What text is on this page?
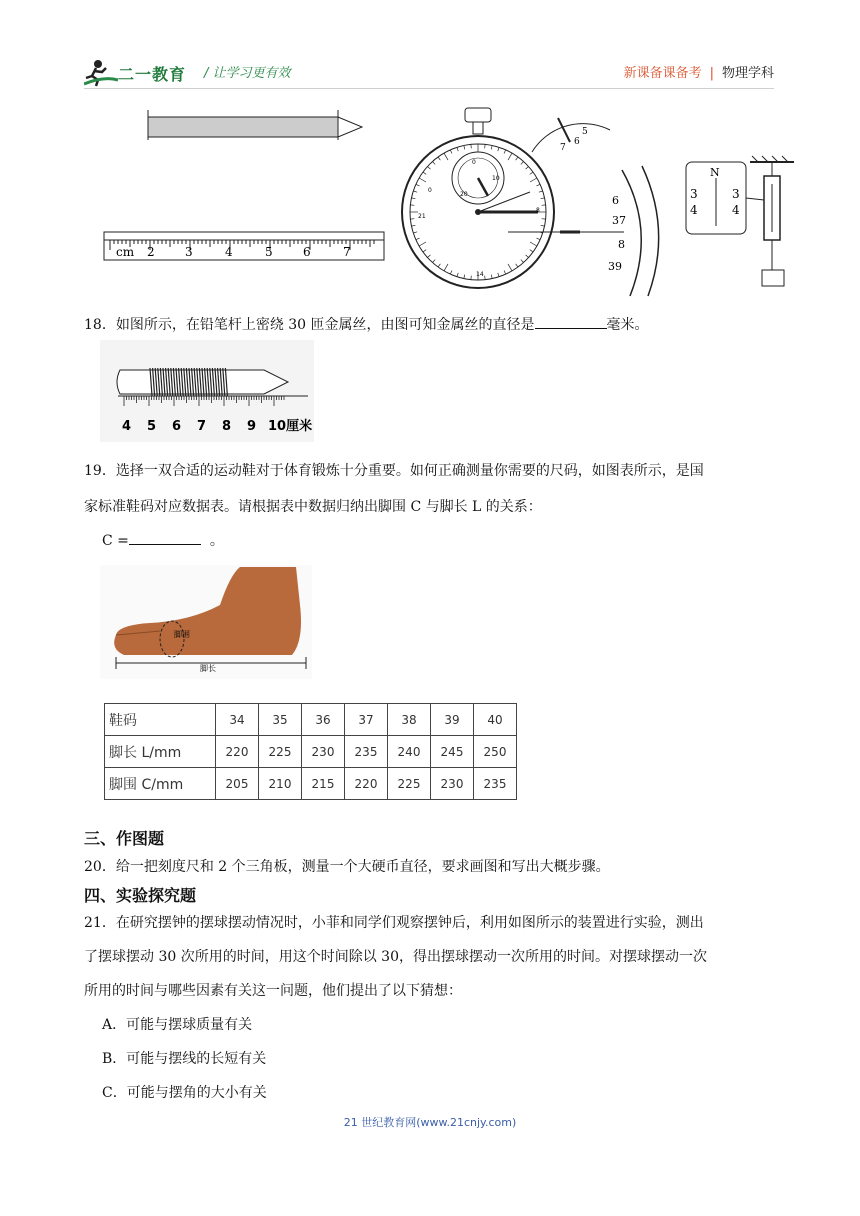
二一教育 / 让学习更有效	新课备课备考 | 物理学科
cm 2	3	4	5	6	7
0
10
20
0
8
14
21
5
6
7
6
37
8
39
N
3
4
3
4
18．如图所示，在铅笔杆上密绕 30 匝金属丝，由图可知金属丝的直径是	毫米。
4 5 6 7 8 9 10厘米
19．选择一双合适的运动鞋对于体育锻炼十分重要。如何正确测量你需要的尺码，如图表所示，是国
家标准鞋码对应数据表。请根据表中数据归纳出脚围 C 与脚长 L 的关系：
C =	。
脚围
脚长
鞋码	34	35	36	37	38	39	40
脚长 L/mm	220	225	230	235	240	245	250
脚围 C/mm	205	210	215	220	225	230	235
三、作图题
20．给一把刻度尺和 2 个三角板，测量一个大硬币直径，要求画图和写出大概步骤。
四、实验探究题
21．在研究摆钟的摆球摆动情况时，小菲和同学们观察摆钟后，利用如图所示的装置进行实验，测出
了摆球摆动 30 次所用的时间，用这个时间除以 30，得出摆球摆动一次所用的时间。对摆球摆动一次
所用的时间与哪些因素有关这一问题，他们提出了以下猜想：
A．可能与摆球质量有关
B．可能与摆线的长短有关
C．可能与摆角的大小有关
21 世纪教育网(www.21cnjy.com)
